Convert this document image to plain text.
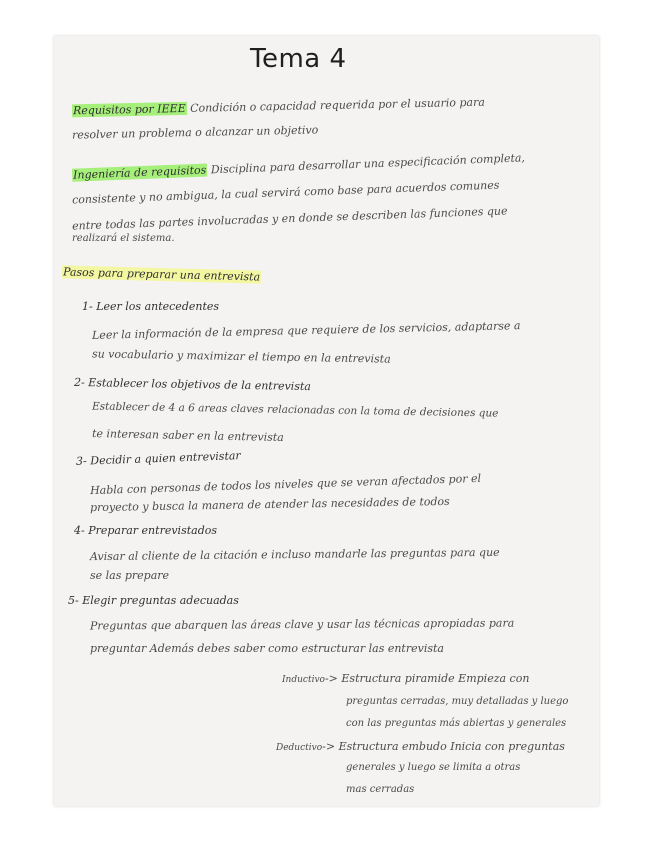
Tema 4
Requisitos por IEEE Condición o capacidad requerida por el usuario para
resolver un problema o alcanzar un objetivo
Ingeniería de requisitos Disciplina para desarrollar una especificación completa,
consistente y no ambigua, la cual servirá como base para acuerdos comunes
entre todas las partes involucradas y en donde se describen las funciones que
realizará el sistema.
Pasos para preparar una entrevista
1- Leer los antecedentes
Leer la información de la empresa que requiere de los servicios, adaptarse a
su vocabulario y maximizar el tiempo en la entrevista
2- Establecer los objetivos de la entrevista
Establecer de 4 a 6 areas claves relacionadas con la toma de decisiones que
te interesan saber en la entrevista
3- Decidir a quien entrevistar
Habla con personas de todos los niveles que se veran afectados por el
proyecto y busca la manera de atender las necesidades de todos
4- Preparar entrevistados
Avisar al cliente de la citación e incluso mandarle las preguntas para que
se las prepare
5- Elegir preguntas adecuadas
Preguntas que abarquen las áreas clave y usar las técnicas apropiadas para
preguntar Además debes saber como estructurar las entrevista
Inductivo-> Estructura piramide Empieza con
preguntas cerradas, muy detalladas y luego
con las preguntas más abiertas y generales
Deductivo-> Estructura embudo Inicia con preguntas
generales y luego se limita a otras
mas cerradas
